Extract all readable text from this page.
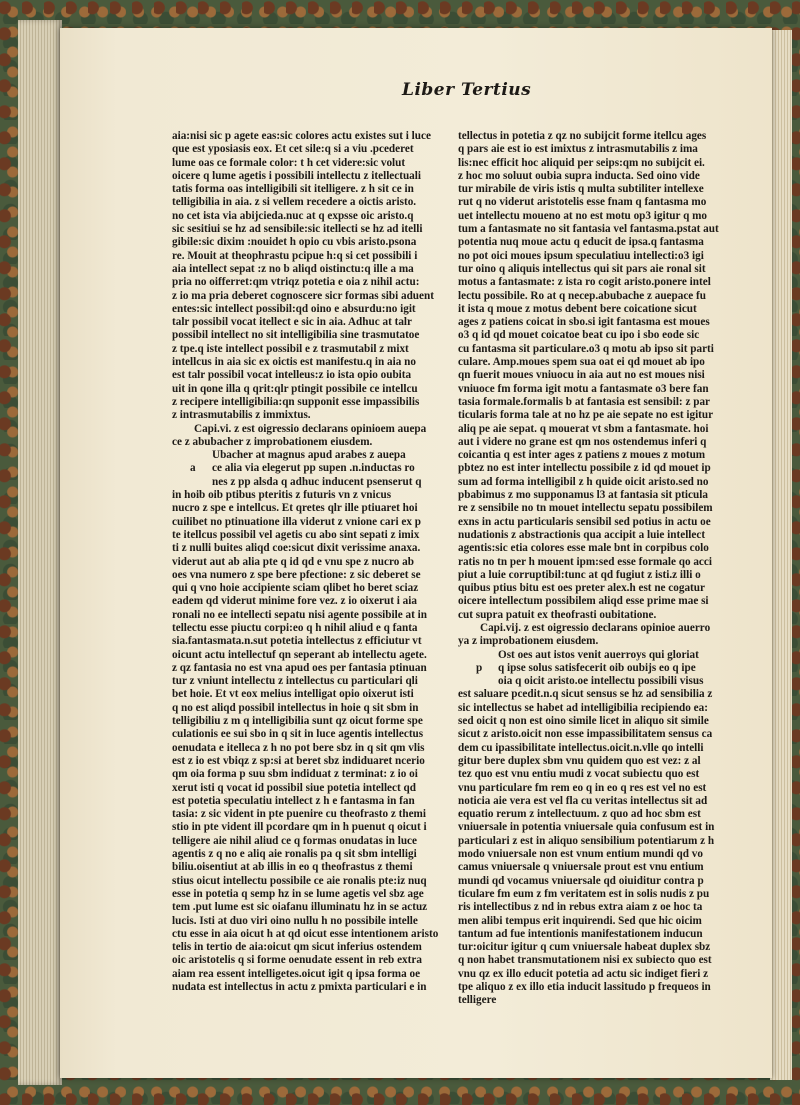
Liber Tertius
aia:nisi sic p agete eas:sic colores actu existes sut i luce
que est yposiasis eox. Et cet sile:q si a viu .pcederet
lume oas ce formale color: t h cet videre:sic volut
oicere q lume agetis i possibili intellectu z itellectuali
tatis forma oas intelligibili sit itelligere. z h sit ce in
telligibilia in aia. z si vellem recedere a oictis aristo.
no cet ista via abijcieda.nuc at q expsse oic aristo.q
sic sesitiui se hz ad sensibile:sic itellecti se hz ad itelli
gibile:sic dixim :nouidet h opio cu vbis aristo.psona
re. Mouit at theophrastu pcipue h:q si cet possibili i
aia intellect sepat :z no b aliqd oistinctu:q ille a ma
pria no oifferret:qm vtriqz potetia e oia z nihil actu:
z io ma pria deberet cognoscere sicr formas sibi aduent
entes:sic intellect possibil:qd oino e absurdu:no igit
talr possibil vocat itellect e sic in aia. Adhuc at talr
possibil intellect no sit intelligibilia sine trasmutatoe
z tpe.q iste intellect possibil e z trasmutabil z mixt
intellcus in aia sic ex oictis est manifestu.q in aia no
est talr possibil vocat intelleus:z io ista opio oubita
uit in qone illa q qrit:qlr ptingit possibile ce intellcu
z recipere intelligibilia:qn supponit esse impassibilis
z intrasmutabilis z immixtus.
Capi.vi. z est oigressio declarans opinioem auepa
ce z abubacher z improbationem eiusdem.
Ubacher at magnus apud arabes z auepa
ce alia via elegerut pp supen .n.inductas ro
nes z pp alsda q adhuc inducent psenserut q
in hoib oib ptibus pteritis z futuris vn z vnicus
nucro z spe e intellcus. Et qretes qlr ille ptiuaret hoi
cuilibet no ptinuatione illa viderut z vnione cari ex p
te itellcus possibil vel agetis cu abo sint sepati z imix
ti z nulli buites aliqd coe:sicut dixit verissime anaxa.
viderut aut ab alia pte q id qd e vnu spe z nucro ab
oes vna numero z spe bere pfectione: z sic deberet se
qui q vno hoie accipiente sciam qlibet ho beret sciaz
eadem qd viderut minime fore vez. z io oixerut i aia
ronali no ee intellecti sepatu nisi agente possibile at in
tellectu esse piuctu corpi:eo q h nihil aliud e q fanta
sia.fantasmata.n.sut potetia intellectus z efficiutur vt
oicunt actu intellectuf qn seperant ab intellectu agete.
z qz fantasia no est vna apud oes per fantasia ptinuan
tur z vniunt intellectu z intellectus cu particulari qli
bet hoie. Et vt eox melius intelligat opio oixerut isti
q no est aliqd possibil intellectus in hoie q sit sbm in
telligibiliu z m q intelligibilia sunt qz oicut forme spe
culationis ee sui sbo in q sit in luce agentis intellectus
oenudata e itelleca z h no pot bere sbz in q sit qm vlis
est z io est vbiqz z sp:si at beret sbz indiduaret ncerio
qm oia forma p suu sbm indiduat z terminat: z io oi
xerut isti q vocat id possibil siue potetia intellect qd
est potetia speculatiu intellect z h e fantasma in fan
tasia: z sic vident in pte puenire cu theofrasto z themi
stio in pte vident ill pcordare qm in h puenut q oicut i
telligere aie nihil aliud ce q formas onudatas in luce
agentis z q no e aliq aie ronalis pa q sit sbm intelligi
biliu.oisentiut at ab illis in eo q theofrastus z themi
stius oicut intellectu possibile ce aie ronalis pte:iz nuq
esse in potetia q semp hz in se lume agetis vel sbz age
tem .put lume est sic oiafanu illuminatu hz in se actuz
lucis. Isti at duo viri oino nullu h no possibile intelle
ctu esse in aia oicut h at qd oicut esse intentionem aristo
telis in tertio de aia:oicut qm sicut inferius ostendem
oic aristotelis q si forme oenudate essent in reb extra
aiam rea essent intelligetes.oicut igit q ipsa forma oe
nudata est intellectus in actu z pmixta particulari e in
a
tellectus in potetia z qz no subijcit forme itellcu ages
q pars aie est io est imixtus z intrasmutabilis z ima
lis:nec efficit hoc aliquid per seips:qm no subijcit ei.
z hoc mo soluut oubia supra inducta. Sed oino vide
tur mirabile de viris istis q multa subtiliter intellexe
rut q no viderut aristotelis esse fnam q fantasma mo
uet intellectu moueno at no est motu op3 igitur q mo
tum a fantasmate no sit fantasia vel fantasma.pstat aut
potentia nuq moue actu q educit de ipsa.q fantasma
no pot oici moues ipsum speculatiuu intellecti:o3 igi
tur oino q aliquis intellectus qui sit pars aie ronal sit
motus a fantasmate: z ista ro cogit aristo.ponere intel
lectu possibile. Ro at q necep.abubache z auepace fu
it ista q moue z motus debent bere coicatione sicut
ages z patiens coicat in sbo.si igit fantasma est moues
o3 q id qd mouet coicatoe beat cu ipo i sbo eode sic
cu fantasma sit particulare.o3 q motu ab ipso sit parti
culare. Amp.moues spem sua oat ei qd mouet ab ipo
qn fuerit moues vniuocu in aia aut no est moues nisi
vniuoce fm forma igit motu a fantasmate o3 bere fan
tasia formale.formalis b at fantasia est sensibil: z par
ticularis forma tale at no hz pe aie sepate no est igitur
aliq pe aie sepat. q mouerat vt sbm a fantasmate. hoi
aut i videre no grane est qm nos ostendemus inferi q
coicantia q est inter ages z patiens z moues z motum
pbtez no est inter intellectu possibile z id qd mouet ip
sum ad forma intelligibil z h quide oicit aristo.sed no
pbabimus z mo supponamus l3 at fantasia sit pticula
re z sensibile no tn mouet intellectu sepatu possibilem
exns in actu particularis sensibil sed potius in actu oe
nudationis z abstractionis qua accipit a luie intellect
agentis:sic etia colores esse male bnt in corpibus colo
ratis no tn per h mouent ipm:sed esse formale qo acci
piut a luie corruptibil:tunc at qd fugiut z isti.z illi o
quibus ptius bitu est oes preter alex.h est ne cogatur
oicere intellectum possibilem aliqd esse prime mae si
cut supra patuit ex theofrasti oubitatione.
Capi.vij. z est oigressio declarans opinioe auerro
ya z improbationem eiusdem.
Ost oes aut istos venit auerroys qui gloriat
q ipse solus satisfecerit oib oubijs eo q ipe
oia q oicit aristo.oe intellectu possibili visus
est saluare pcedit.n.q sicut sensus se hz ad sensibilia z
sic intellectus se habet ad intelligibilia recipiendo ea:
sed oicit q non est oino simile licet in aliquo sit simile
sicut z aristo.oicit non esse impassibilitatem sensus ca
dem cu ipassibilitate intellectus.oicit.n.vlle qo intelli
gitur bere duplex sbm vnu quidem quo est vez: z al
tez quo est vnu entiu mudi z vocat subiectu quo est
vnu particulare fm rem eo q in eo q res est vel no est
noticia aie vera est vel fla cu veritas intellectus sit ad
equatio rerum z intellectuum. z quo ad hoc sbm est
vniuersale in potentia vniuersale quia confusum est in
particulari z est in aliquo sensibilium potentiarum z h
modo vniuersale non est vnum entium mundi qd vo
camus vniuersale q vniuersale prout est vnu entium
mundi qd vocamus vniuersale qd oiuiditur contra p
ticulare fm eum z fm veritatem est in solis nudis z pu
ris intellectibus z nd in rebus extra aiam z oe hoc ta
men alibi tempus erit inquirendi. Sed que hic oicim
tantum ad fue intentionis manifestationem inducun
tur:oicitur igitur q cum vniuersale habeat duplex sbz
q non habet transmutationem nisi ex subiecto quo est
vnu qz ex illo educit potetia ad actu sic indiget fieri z
tpe aliquo z ex illo etia inducit lassitudo p frequeos in
telligere
p
